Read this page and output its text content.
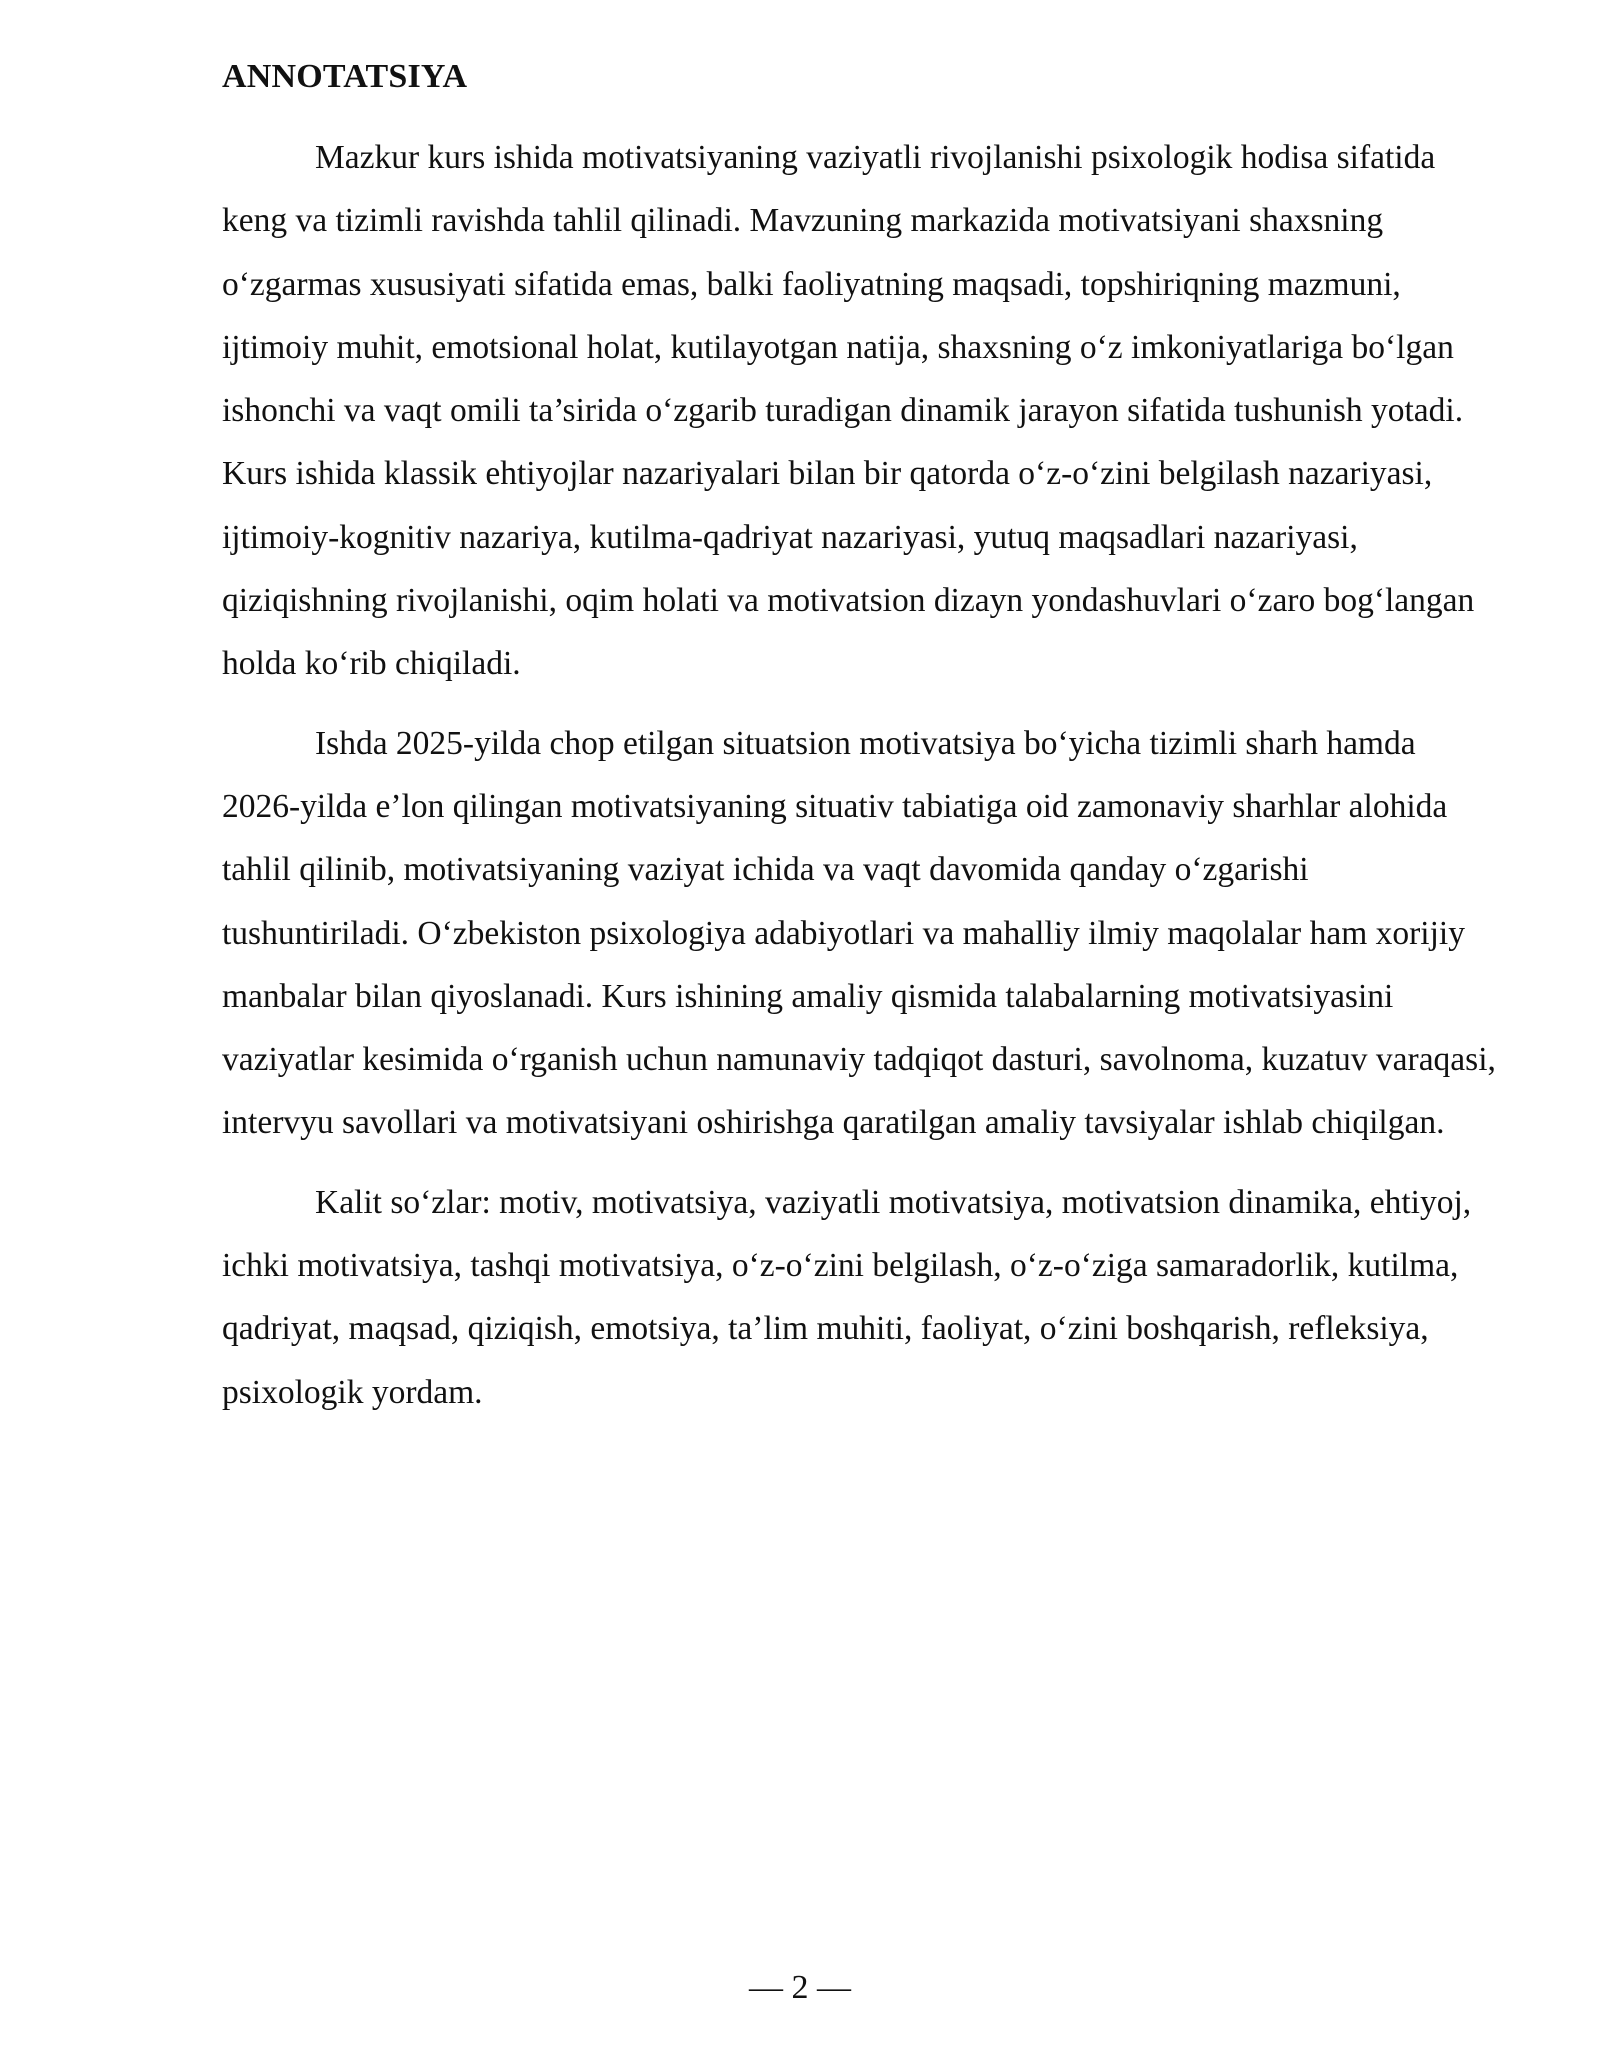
ANNOTATSIYA

Mazkur kurs ishida motivatsiyaning vaziyatli rivojlanishi psixologik hodisa sifatida keng va tizimli ravishda tahlil qilinadi. Mavzuning markazida motivatsiyani shaxsning o‘zgarmas xususiyati sifatida emas, balki faoliyatning maqsadi, topshiriqning mazmuni, ijtimoiy muhit, emotsional holat, kutilayotgan natija, shaxsning o‘z imkoniyatlariga bo‘lgan ishonchi va vaqt omili ta’sirida o‘zgarib turadigan dinamik jarayon sifatida tushunish yotadi. Kurs ishida klassik ehtiyojlar nazariyalari bilan bir qatorda o‘z-o‘zini belgilash nazariyasi, ijtimoiy-kognitiv nazariya, kutilma-qadriyat nazariyasi, yutuq maqsadlari nazariyasi, qiziqishning rivojlanishi, oqim holati va motivatsion dizayn yondashuvlari o‘zaro bog‘langan holda ko‘rib chiqiladi.

Ishda 2025-yilda chop etilgan situatsion motivatsiya bo‘yicha tizimli sharh hamda 2026-yilda e’lon qilingan motivatsiyaning situativ tabiatiga oid zamonaviy sharhlar alohida tahlil qilinib, motivatsiyaning vaziyat ichida va vaqt davomida qanday o‘zgarishi tushuntiriladi. O‘zbekiston psixologiya adabiyotlari va mahalliy ilmiy maqolalar ham xorijiy manbalar bilan qiyoslanadi. Kurs ishining amaliy qismida talabalarning motivatsiyasini vaziyatlar kesimida o‘rganish uchun namunaviy tadqiqot dasturi, savolnoma, kuzatuv varaqasi, intervyu savollari va motivatsiyani oshirishga qaratilgan amaliy tavsiyalar ishlab chiqilgan.

Kalit so‘zlar: motiv, motivatsiya, vaziyatli motivatsiya, motivatsion dinamika, ehtiyoj, ichki motivatsiya, tashqi motivatsiya, o‘z-o‘zini belgilash, o‘z-o‘ziga samaradorlik, kutilma, qadriyat, maqsad, qiziqish, emotsiya, ta’lim muhiti, faoliyat, o‘zini boshqarish, refleksiya, psixologik yordam.

— 2 —
